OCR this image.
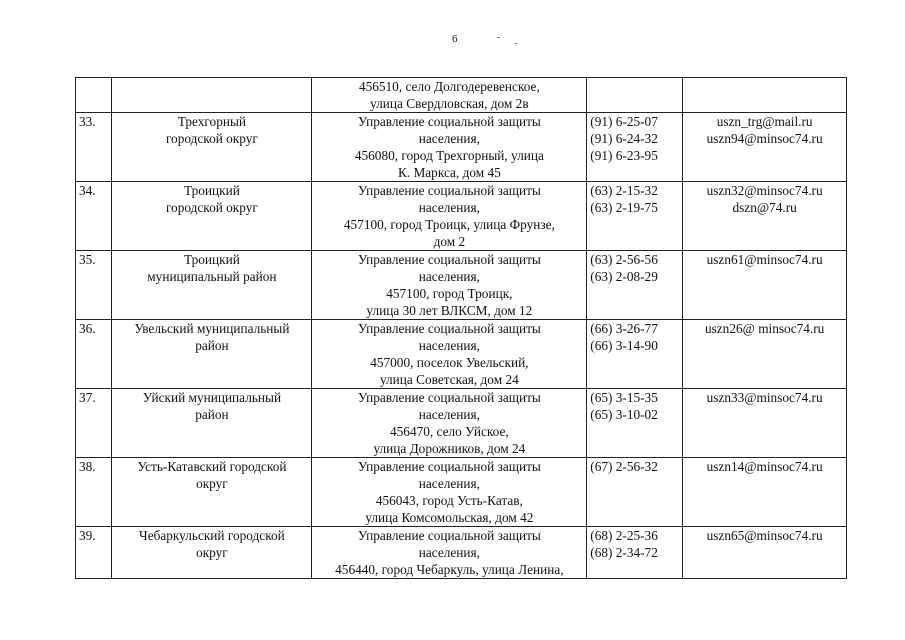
6

		456510, село Долгодеревенское,
улица Свердловская, дом 2в		

33.	Трехгорный
городской округ	Управление социальной защиты
населения,
456080, город Трехгорный, улица
К. Маркса, дом 45	(91) 6-25-07
(91) 6-24-32
(91) 6-23-95	uszn_trg@mail.ru
uszn94@minsoc74.ru

34.	Троицкий
городской округ	Управление социальной защиты
населения,
457100, город Троицк, улица Фрунзе,
дом 2	(63) 2-15-32
(63) 2-19-75	uszn32@minsoc74.ru
dszn@74.ru

35.	Троицкий
муниципальный район	Управление социальной защиты
населения,
457100, город Троицк,
улица 30 лет ВЛКСМ, дом 12	(63) 2-56-56
(63) 2-08-29	uszn61@minsoc74.ru

36.	Увельский муниципальный
район	Управление социальной защиты
населения,
457000, поселок Увельский,
улица Советская, дом 24	(66) 3-26-77
(66) 3-14-90	uszn26@ minsoc74.ru

37.	Уйский муниципальный
район	Управление социальной защиты
населения,
456470, село Уйское,
улица Дорожников, дом 24	(65) 3-15-35
(65) 3-10-02	uszn33@minsoc74.ru

38.	Усть-Катавский городской
округ	Управление социальной защиты
населения,
456043, город Усть-Катав,
улица Комсомольская, дом 42	(67) 2-56-32	uszn14@minsoc74.ru

39.	Чебаркульский городской
округ	Управление социальной защиты
населения,
456440, город Чебаркуль, улица Ленина,	(68) 2-25-36
(68) 2-34-72	uszn65@minsoc74.ru
